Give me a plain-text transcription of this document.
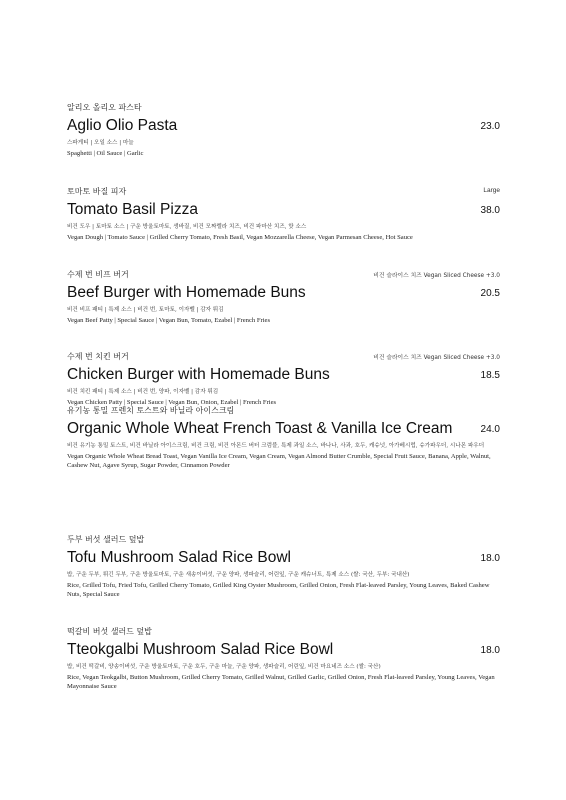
알리오 올리오 파스타
Aglio Olio Pasta	23.0
스파게티 | 오일 소스 | 마늘
Spaghetti | Oil Sauce | Garlic
토마토 바질 피자	Large
Tomato Basil Pizza	38.0
비건 도우 | 토마토 소스 | 구운 방울토마토, 생바질, 비건 모짜렐라 치즈, 비건 파마산 치즈, 핫 소스
Vegan Dough | Tomato Sauce | Grilled Cherry Tomato, Fresh Basil, Vegan Mozzarella Cheese, Vegan Parmesan Cheese, Hot Sauce
수제 번 비프 버거	비건 슬라이스 치즈 Vegan Sliced Cheese +3.0
Beef Burger with Homemade Buns	20.5
비건 비프 패티 | 특제 소스 | 비건 번, 토마토, 이자벨 | 감자 튀김
Vegan Beef Patty | Special Sauce | Vegan Bun, Tomato, Ezabel | French Fries
수제 번 치킨 버거	비건 슬라이스 치즈 Vegan Sliced Cheese +3.0
Chicken Burger with Homemade Buns	18.5
비건 치킨 패티 | 특제 소스 | 비건 번, 양파, 이자벨 | 감자 튀김
Vegan Chicken Patty | Special Sauce | Vegan Bun, Onion, Ezabel | French Fries
유기농 통밀 프렌치 토스트와 바닐라 아이스크림
Organic Whole Wheat French Toast & Vanilla Ice Cream	24.0
비건 유기농 통밀 토스트, 비건 바닐라 아이스크림, 비건 크림, 비건 아몬드 버터 크럼블, 특제 과일 소스, 바나나, 사과, 호두, 캐슈넛, 아가베시럽, 슈가파우더, 시나몬 파우더
Vegan Organic Whole Wheat Bread Toast, Vegan Vanilla Ice Cream, Vegan Cream, Vegan Almond Butter Crumble, Special Fruit Sauce, Banana, Apple, Walnut, Cashew Nut, Agave Syrup, Sugar Powder, Cinnamon Powder
두부 버섯 샐러드 덮밥
Tofu Mushroom Salad Rice Bowl	18.0
밥, 구운 두부, 튀긴 두부, 구운 방울토마토, 구운 새송이버섯, 구운 양파, 생파슬리, 어린잎, 구운 캐슈너트, 특제 소스 (쌀: 국산, 두부: 국내산)
Rice, Grilled Tofu, Fried Tofu, Grilled Cherry Tomato, Grilled King Oyster Mushroom, Grilled Onion, Fresh Flat-leaved Parsley, Young Leaves, Baked Cashew Nuts, Special Sauce
떡갈비 버섯 샐러드 덮밥
Tteokgalbi Mushroom Salad Rice Bowl	18.0
밥, 비건 떡갈비, 양송이버섯, 구운 방울토마토, 구운 호두, 구운 마늘, 구운 양파, 생파슬리, 어린잎, 비건 마요네즈 소스 (쌀: 국산)
Rice, Vegan Teokgalbi, Button Mushroom, Grilled Cherry Tomato, Grilled Walnut, Grilled Garlic, Grilled Onion, Fresh Flat-leaved Parsley, Young Leaves, Vegan Mayonnaise Sauce
